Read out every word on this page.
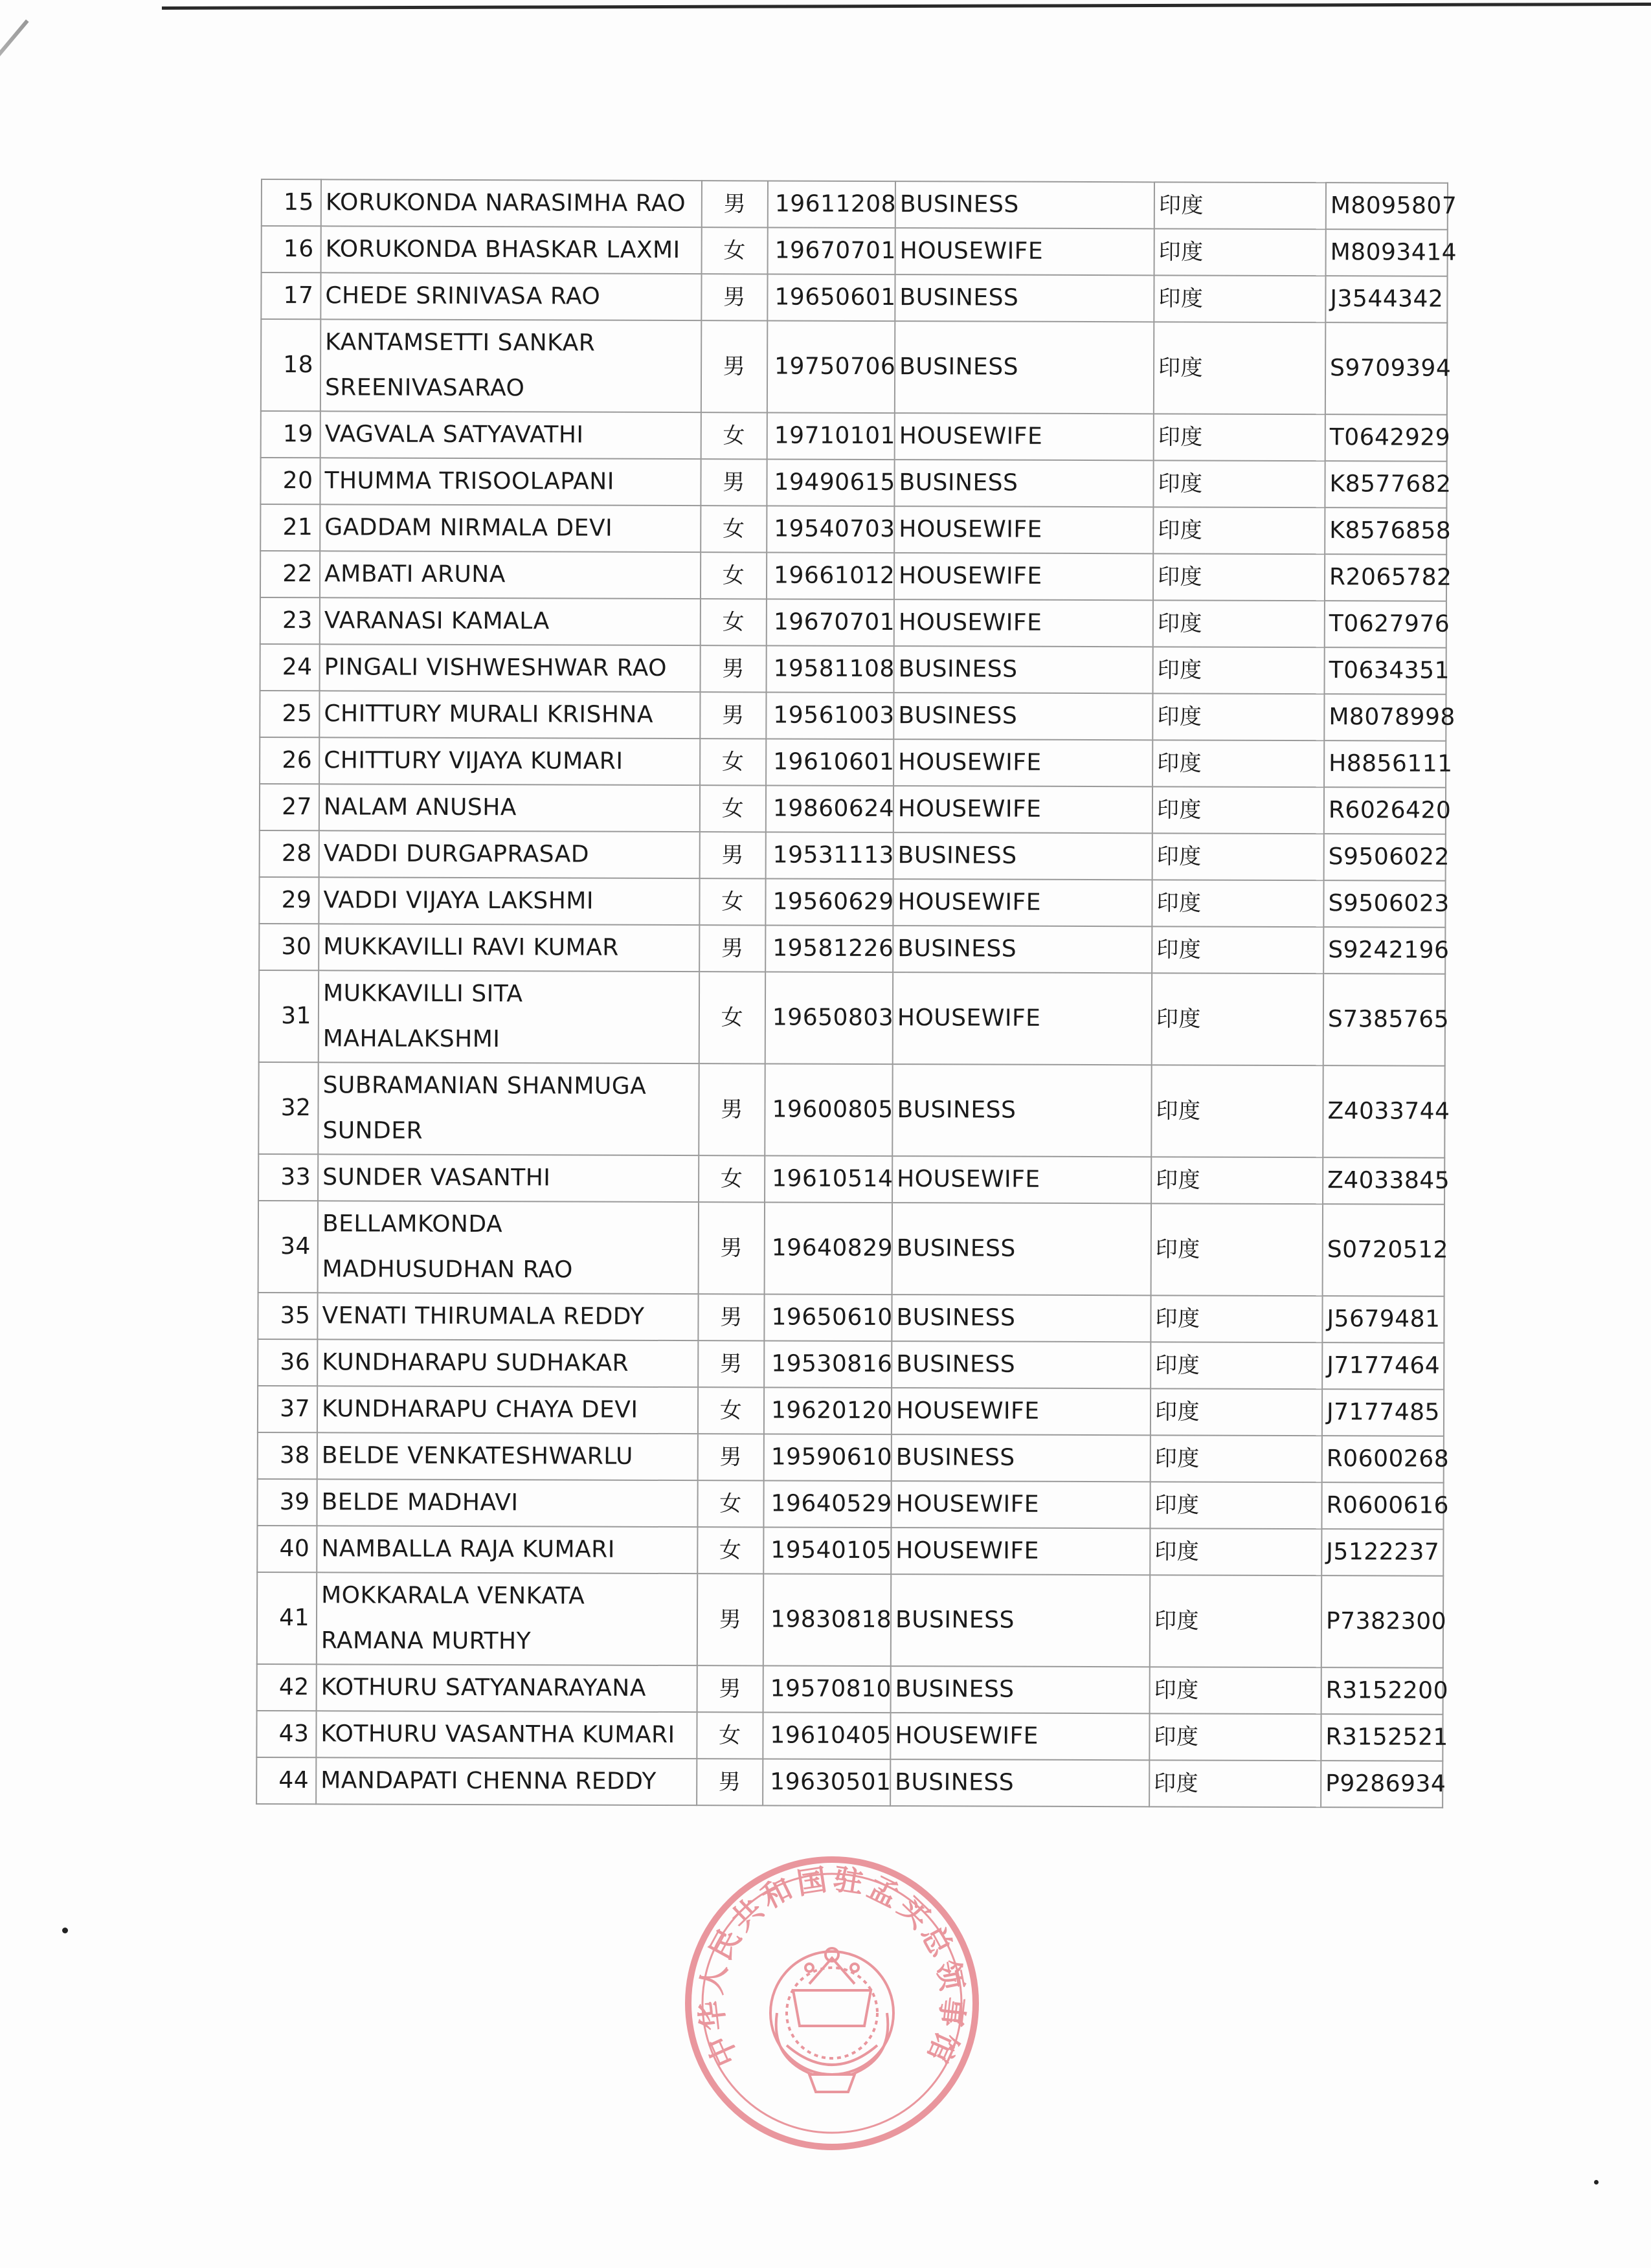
15	KORUKONDA NARASIMHA RAO	男	19611208	BUSINESS	印度	M8095807
16	KORUKONDA BHASKAR LAXMI	女	19670701	HOUSEWIFE	印度	M8093414
17	CHEDE SRINIVASA RAO	男	19650601	BUSINESS	印度	J3544342
18	KANTAMSETTI SANKAR SREENIVASARAO	男	19750706	BUSINESS	印度	S9709394
19	VAGVALA SATYAVATHI	女	19710101	HOUSEWIFE	印度	T0642929
20	THUMMA TRISOOLAPANI	男	19490615	BUSINESS	印度	K8577682
21	GADDAM NIRMALA DEVI	女	19540703	HOUSEWIFE	印度	K8576858
22	AMBATI ARUNA	女	19661012	HOUSEWIFE	印度	R2065782
23	VARANASI KAMALA	女	19670701	HOUSEWIFE	印度	T0627976
24	PINGALI VISHWESHWAR RAO	男	19581108	BUSINESS	印度	T0634351
25	CHITTURY MURALI KRISHNA	男	19561003	BUSINESS	印度	M8078998
26	CHITTURY VIJAYA KUMARI	女	19610601	HOUSEWIFE	印度	H8856111
27	NALAM ANUSHA	女	19860624	HOUSEWIFE	印度	R6026420
28	VADDI DURGAPRASAD	男	19531113	BUSINESS	印度	S9506022
29	VADDI VIJAYA LAKSHMI	女	19560629	HOUSEWIFE	印度	S9506023
30	MUKKAVILLI RAVI KUMAR	男	19581226	BUSINESS	印度	S9242196
31	MUKKAVILLI SITA MAHALAKSHMI	女	19650803	HOUSEWIFE	印度	S7385765
32	SUBRAMANIAN SHANMUGA SUNDER	男	19600805	BUSINESS	印度	Z4033744
33	SUNDER VASANTHI	女	19610514	HOUSEWIFE	印度	Z4033845
34	BELLAMKONDA MADHUSUDHAN RAO	男	19640829	BUSINESS	印度	S0720512
35	VENATI THIRUMALA REDDY	男	19650610	BUSINESS	印度	J5679481
36	KUNDHARAPU SUDHAKAR	男	19530816	BUSINESS	印度	J7177464
37	KUNDHARAPU CHAYA DEVI	女	19620120	HOUSEWIFE	印度	J7177485
38	BELDE VENKATESHWARLU	男	19590610	BUSINESS	印度	R0600268
39	BELDE MADHAVI	女	19640529	HOUSEWIFE	印度	R0600616
40	NAMBALLA RAJA KUMARI	女	19540105	HOUSEWIFE	印度	J5122237
41	MOKKARALA VENKATA RAMANA MURTHY	男	19830818	BUSINESS	印度	P7382300
42	KOTHURU SATYANARAYANA	男	19570810	BUSINESS	印度	R3152200
43	KOTHURU VASANTHA KUMARI	女	19610405	HOUSEWIFE	印度	R3152521
44	MANDAPATI CHENNA REDDY	男	19630501	BUSINESS	印度	P9286934
中华人民共和国驻孟买总领事馆
